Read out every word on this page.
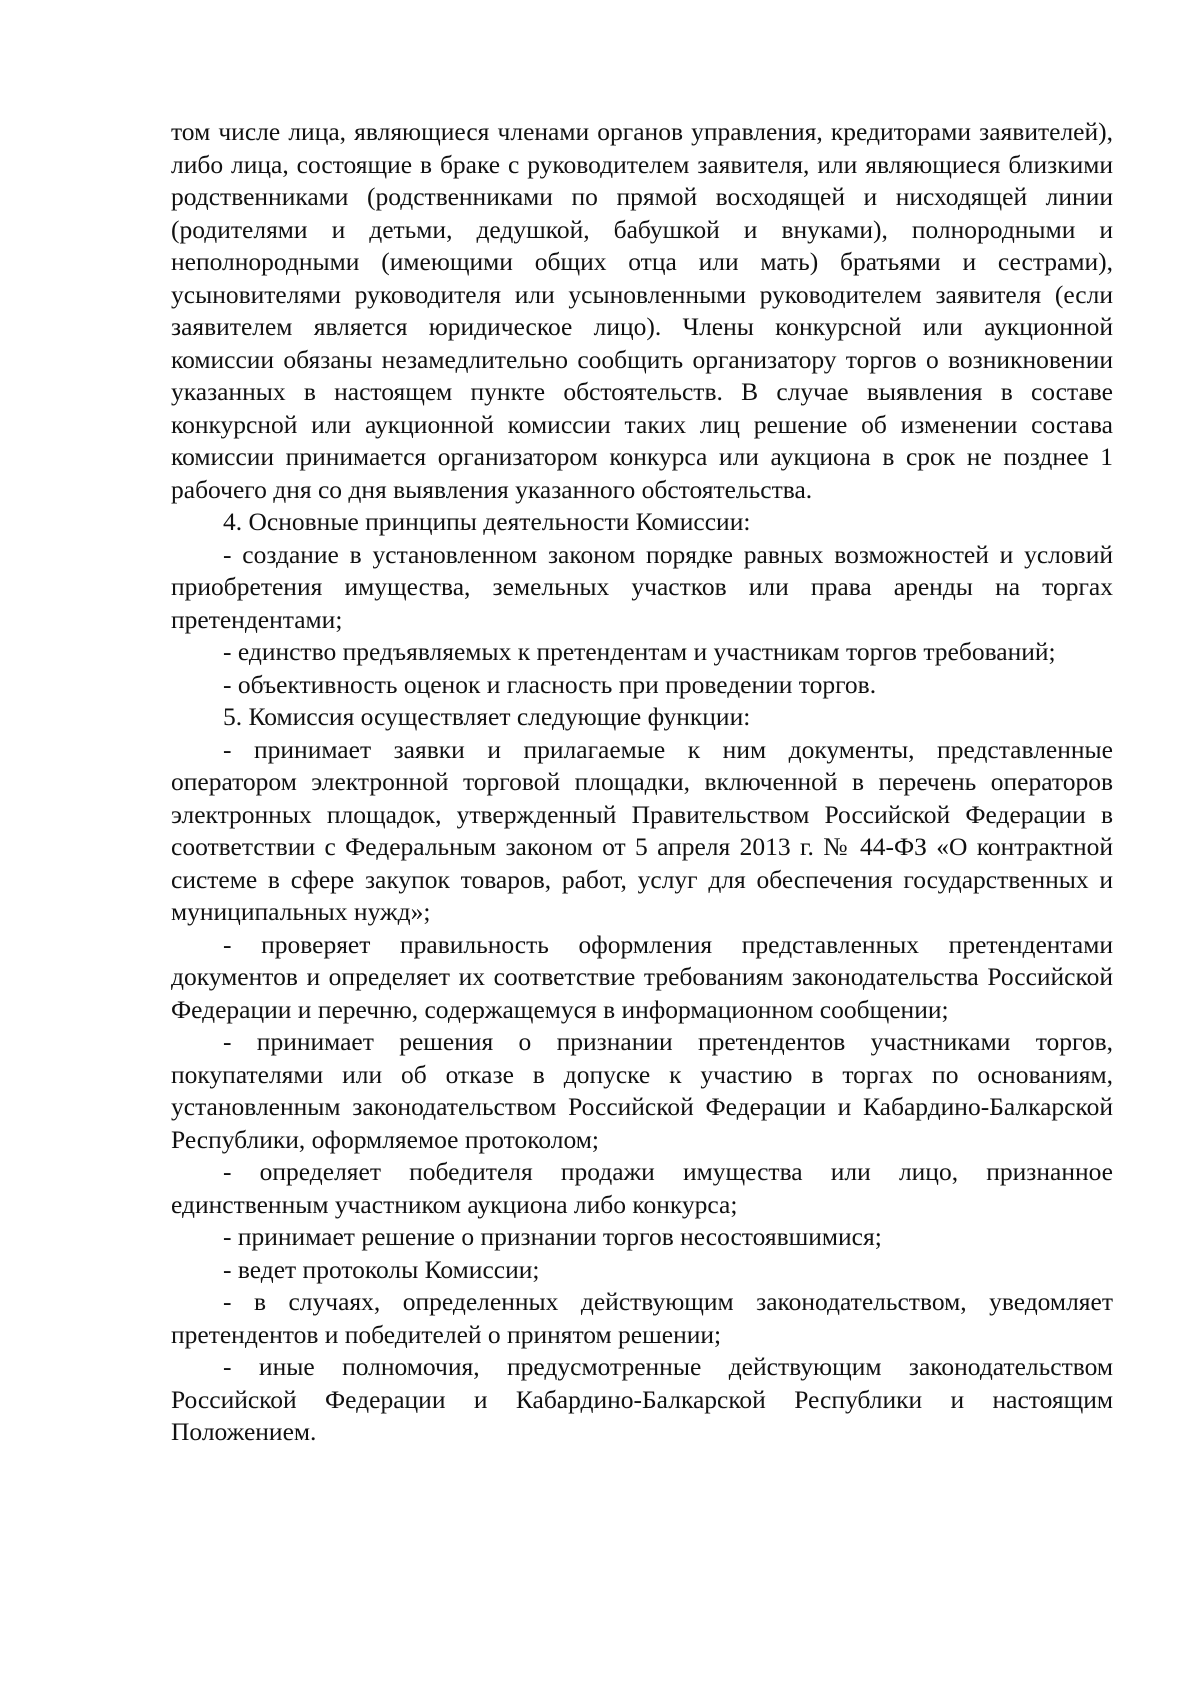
том числе лица, являющиеся членами органов управления, кредиторами заявителей), либо лица, состоящие в браке с руководителем заявителя, или являющиеся близкими родственниками (родственниками по прямой восходящей и нисходящей линии (родителями и детьми, дедушкой, бабушкой и внуками), полнородными и неполнородными (имеющими общих отца или мать) братьями и сестрами), усыновителями руководителя или усыновленными руководителем заявителя (если заявителем является юридическое лицо). Члены конкурсной или аукционной комиссии обязаны незамедлительно сообщить организатору торгов о возникновении указанных в настоящем пункте обстоятельств. В случае выявления в составе конкурсной или аукционной комиссии таких лиц решение об изменении состава комиссии принимается организатором конкурса или аукциона в срок не позднее 1 рабочего дня со дня выявления указанного обстоятельства.

4. Основные принципы деятельности Комиссии:

- создание в установленном законом порядке равных возможностей и условий приобретения имущества, земельных участков или права аренды на торгах претендентами;

- единство предъявляемых к претендентам и участникам торгов требований;

- объективность оценок и гласность при проведении торгов.

5. Комиссия осуществляет следующие функции:

- принимает заявки и прилагаемые к ним документы, представленные оператором электронной торговой площадки, включенной в перечень операторов электронных площадок, утвержденный Правительством Российской Федерации в соответствии с Федеральным законом от 5 апреля 2013 г. № 44-ФЗ «О контрактной системе в сфере закупок товаров, работ, услуг для обеспечения государственных и муниципальных нужд»;

- проверяет правильность оформления представленных претендентами документов и определяет их соответствие требованиям законодательства Российской Федерации и перечню, содержащемуся в информационном сообщении;

- принимает решения о признании претендентов участниками торгов, покупателями или об отказе в допуске к участию в торгах по основаниям, установленным законодательством Российской Федерации и Кабардино-Балкарской Республики, оформляемое протоколом;

- определяет победителя продажи имущества или лицо, признанное единственным участником аукциона либо конкурса;

- принимает решение о признании торгов несостоявшимися;

- ведет протоколы Комиссии;

- в случаях, определенных действующим законодательством, уведомляет претендентов и победителей о принятом решении;

- иные полномочия, предусмотренные действующим законодательством Российской Федерации и Кабардино-Балкарской Республики и настоящим Положением.
